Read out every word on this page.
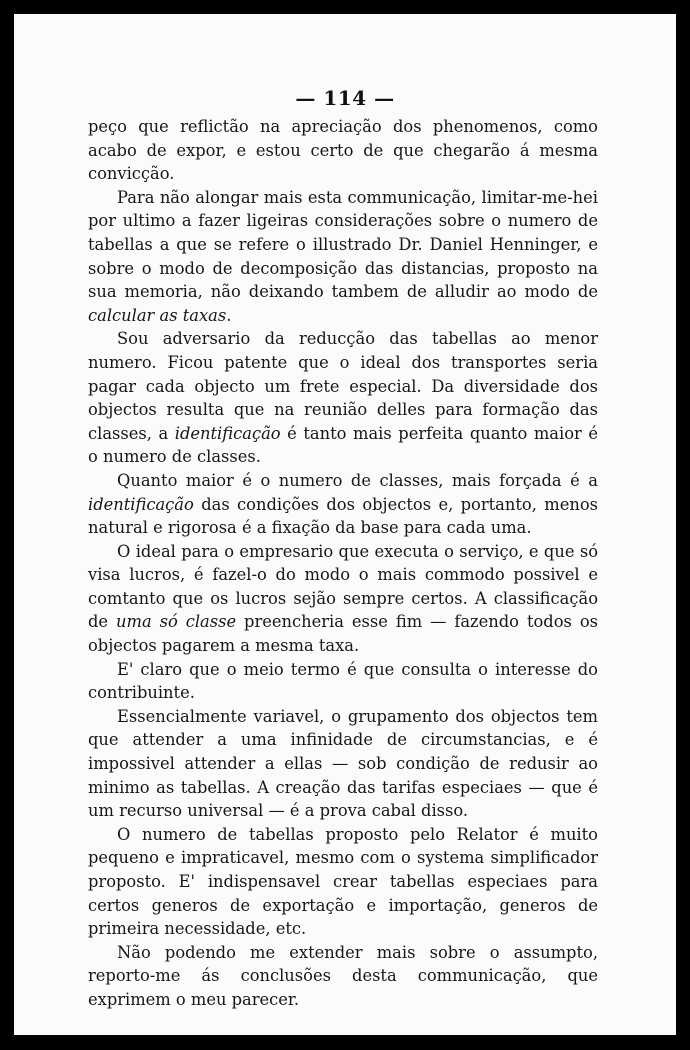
— 114 —

peço que reflictão na apreciação dos phenomenos, como acabo de expor, e estou certo de que chegarão á mesma convicção.

Para não alongar mais esta communicação, limitar-me-hei por ultimo a fazer ligeiras considerações sobre o numero de tabellas a que se refere o illustrado Dr. Daniel Henninger, e sobre o modo de decomposição das distancias, proposto na sua memoria, não deixando tambem de alludir ao modo de calcular as taxas.

Sou adversario da reducção das tabellas ao menor numero. Ficou patente que o ideal dos transportes seria pagar cada objecto um frete especial. Da diversidade dos objectos resulta que na reunião delles para formação das classes, a identificação é tanto mais perfeita quanto maior é o numero de classes.

Quanto maior é o numero de classes, mais forçada é a identificação das condições dos objectos e, portanto, menos natural e rigorosa é a fixação da base para cada uma.

O ideal para o empresario que executa o serviço, e que só visa lucros, é fazel-o do modo o mais commodo possivel e comtanto que os lucros sejão sempre certos. A classificação de uma só classe preencheria esse fim — fazendo todos os objectos pagarem a mesma taxa.

E' claro que o meio termo é que consulta o interesse do contribuinte.

Essencialmente variavel, o grupamento dos objectos tem que attender a uma infinidade de circumstancias, e é impossivel attender a ellas — sob condição de redusir ao minimo as tabellas. A creação das tarifas especiaes — que é um recurso universal — é a prova cabal disso.

O numero de tabellas proposto pelo Relator é muito pequeno e impraticavel, mesmo com o systema simplificador proposto. E' indispensavel crear tabellas especiaes para certos generos de exportação e importação, generos de primeira necessidade, etc.

Não podendo me extender mais sobre o assumpto, reporto-me ás conclusões desta communicação, que exprimem o meu parecer.
